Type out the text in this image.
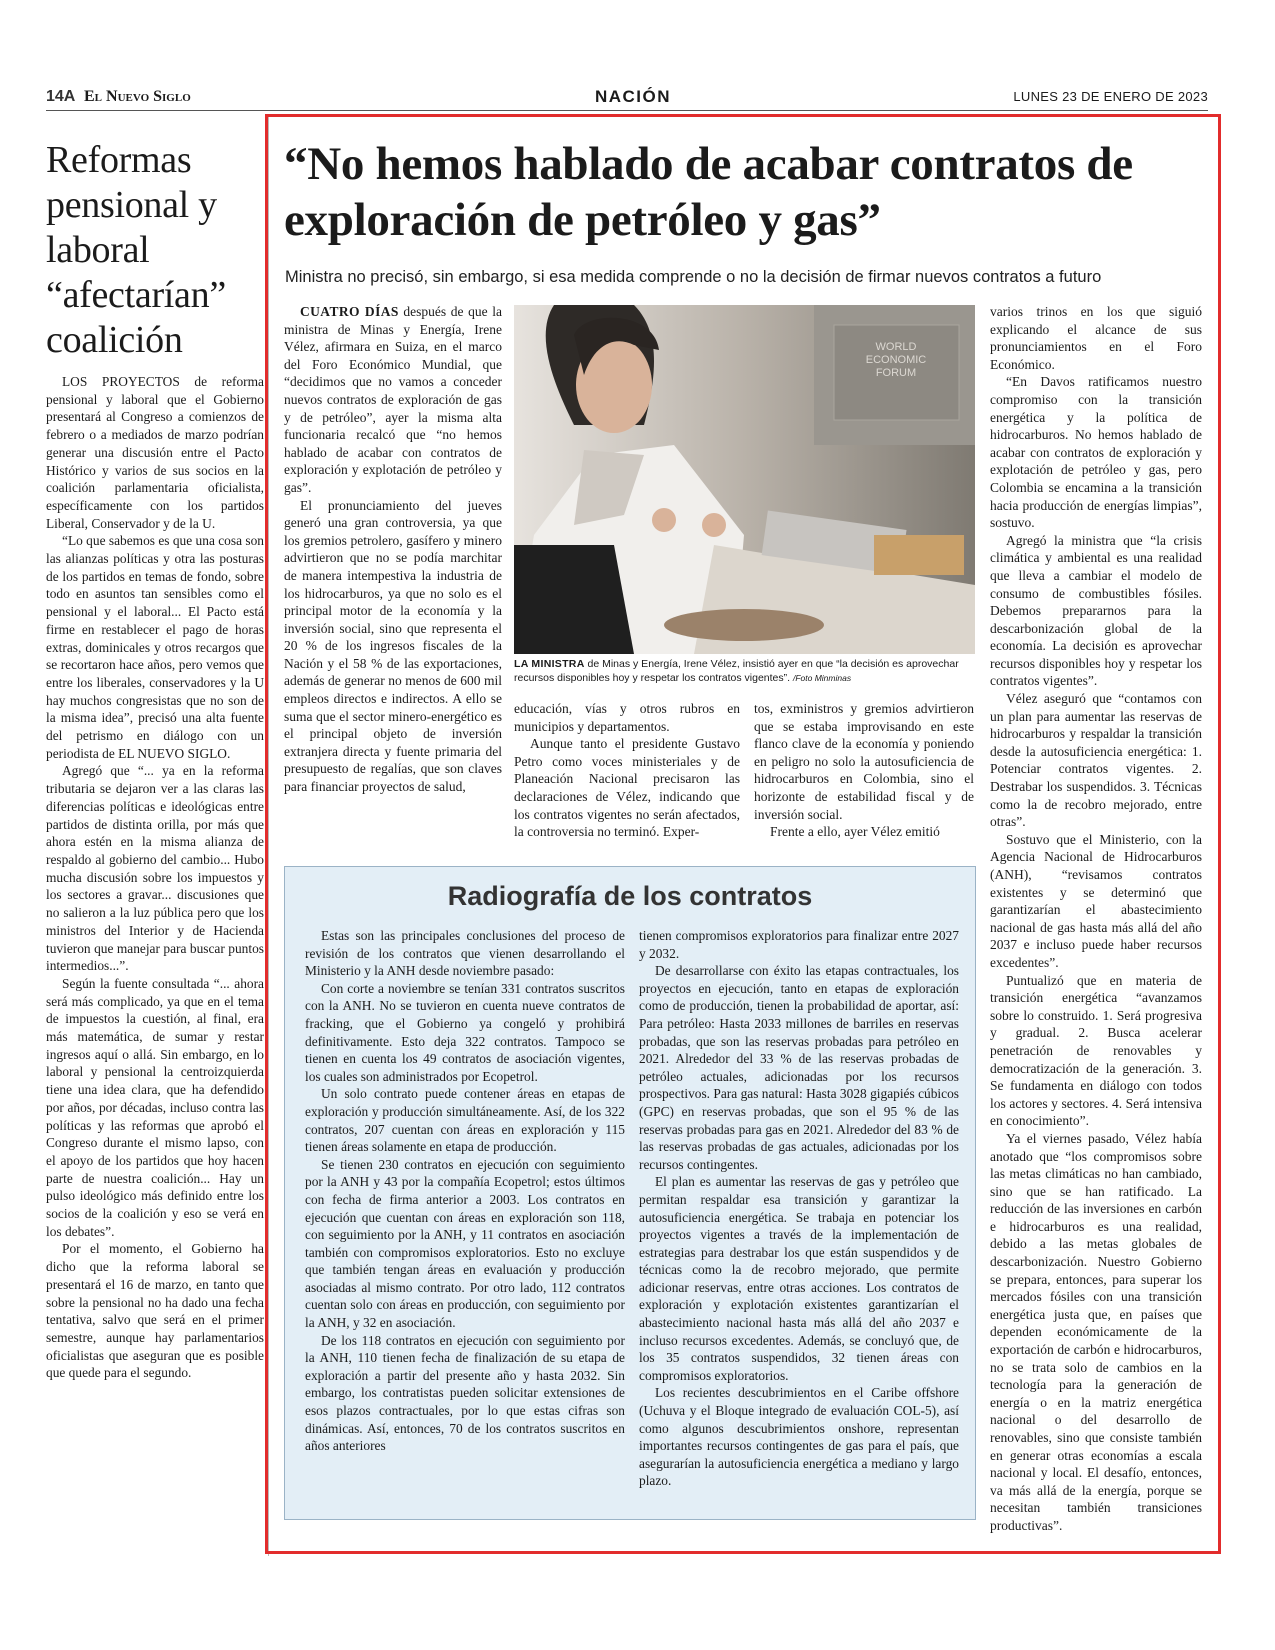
14A El Nuevo Siglo	NACIÓN	LUNES 23 DE ENERO DE 2023
Reformas pensional y laboral “afectarían” coalición

LOS PROYECTOS de reforma pensional y laboral que el Gobierno presentará al Congreso a comienzos de febrero o a mediados de marzo podrían generar una discusión entre el Pacto Histórico y varios de sus socios en la coalición parlamentaria oficialista, específicamente con los partidos Liberal, Conservador y de la U.

“Lo que sabemos es que una cosa son las alianzas políticas y otra las posturas de los partidos en temas de fondo, sobre todo en asuntos tan sensibles como el pensional y el laboral... El Pacto está firme en restablecer el pago de horas extras, dominicales y otros recargos que se recortaron hace años, pero vemos que entre los liberales, conservadores y la U hay muchos congresistas que no son de la misma idea”, precisó una alta fuente del petrismo en diálogo con un periodista de EL NUEVO SIGLO.

Agregó que “... ya en la reforma tributaria se dejaron ver a las claras las diferencias políticas e ideológicas entre partidos de distinta orilla, por más que ahora estén en la misma alianza de respaldo al gobierno del cambio... Hubo mucha discusión sobre los impuestos y los sectores a gravar... discusiones que no salieron a la luz pública pero que los ministros del Interior y de Hacienda tuvieron que manejar para buscar puntos intermedios...”.

Según la fuente consultada “... ahora será más complicado, ya que en el tema de impuestos la cuestión, al final, era más matemática, de sumar y restar ingresos aquí o allá. Sin embargo, en lo laboral y pensional la centroizquierda tiene una idea clara, que ha defendido por años, por décadas, incluso contra las políticas y las reformas que aprobó el Congreso durante el mismo lapso, con el apoyo de los partidos que hoy hacen parte de nuestra coalición... Hay un pulso ideológico más definido entre los socios de la coalición y eso se verá en los debates”.

Por el momento, el Gobierno ha dicho que la reforma laboral se presentará el 16 de marzo, en tanto que sobre la pensional no ha dado una fecha tentativa, salvo que será en el primer semestre, aunque hay parlamentarios oficialistas que aseguran que es posible que quede para el segundo.

“No hemos hablado de acabar contratos de exploración de petróleo y gas”

Ministra no precisó, sin embargo, si esa medida comprende o no la decisión de firmar nuevos contratos a futuro

CUATRO DÍAS después de que la ministra de Minas y Energía, Irene Vélez, afirmara en Suiza, en el marco del Foro Económico Mundial, que “decidimos que no vamos a conceder nuevos contratos de exploración de gas y de petróleo”, ayer la misma alta funcionaria recalcó que “no hemos hablado de acabar con contratos de exploración y explotación de petróleo y gas”.

El pronunciamiento del jueves generó una gran controversia, ya que los gremios petrolero, gasífero y minero advirtieron que no se podía marchitar de manera intempestiva la industria de los hidrocarburos, ya que no solo es el principal motor de la economía y la inversión social, sino que representa el 20 % de los ingresos fiscales de la Nación y el 58 % de las exportaciones, además de generar no menos de 600 mil empleos directos e indirectos. A ello se suma que el sector minero-energético es el principal objeto de inversión extranjera directa y fuente primaria del presupuesto de regalías, que son claves para financiar proyectos de salud,

WORLD
ECONOMIC
FORUM

LA MINISTRA de Minas y Energía, Irene Vélez, insistió ayer en que “la decisión es aprovechar recursos disponibles hoy y respetar los contratos vigentes”. /Foto Minminas

educación, vías y otros rubros en municipios y departamentos.

Aunque tanto el presidente Gustavo Petro como voces ministeriales y de Planeación Nacional precisaron las declaraciones de Vélez, indicando que los contratos vigentes no serán afectados, la controversia no terminó. Exper-

tos, exministros y gremios advirtieron que se estaba improvisando en este flanco clave de la economía y poniendo en peligro no solo la autosuficiencia de hidrocarburos en Colombia, sino el horizonte de estabilidad fiscal y de inversión social.

Frente a ello, ayer Vélez emitió

varios trinos en los que siguió explicando el alcance de sus pronunciamientos en el Foro Económico.

“En Davos ratificamos nuestro compromiso con la transición energética y la política de hidrocarburos. No hemos hablado de acabar con contratos de exploración y explotación de petróleo y gas, pero Colombia se encamina a la transición hacia producción de energías limpias”, sostuvo.

Agregó la ministra que “la crisis climática y ambiental es una realidad que lleva a cambiar el modelo de consumo de combustibles fósiles. Debemos prepararnos para la descarbonización global de la economía. La decisión es aprovechar recursos disponibles hoy y respetar los contratos vigentes”.

Vélez aseguró que “contamos con un plan para aumentar las reservas de hidrocarburos y respaldar la transición desde la autosuficiencia energética: 1. Potenciar contratos vigentes. 2. Destrabar los suspendidos. 3. Técnicas como la de recobro mejorado, entre otras”.

Sostuvo que el Ministerio, con la Agencia Nacional de Hidrocarburos (ANH), “revisamos contratos existentes y se determinó que garantizarían el abastecimiento nacional de gas hasta más allá del año 2037 e incluso puede haber recursos excedentes”.

Puntualizó que en materia de transición energética “avanzamos sobre lo construido. 1. Será progresiva y gradual. 2. Busca acelerar penetración de renovables y democratización de la generación. 3. Se fundamenta en diálogo con todos los actores y sectores. 4. Será intensiva en conocimiento”.

Ya el viernes pasado, Vélez había anotado que “los compromisos sobre las metas climáticas no han cambiado, sino que se han ratificado. La reducción de las inversiones en carbón e hidrocarburos es una realidad, debido a las metas globales de descarbonización. Nuestro Gobierno se prepara, entonces, para superar los mercados fósiles con una transición energética justa que, en países que dependen económicamente de la exportación de carbón e hidrocarburos, no se trata solo de cambios en la tecnología para la generación de energía o en la matriz energética nacional o del desarrollo de renovables, sino que consiste también en generar otras economías a escala nacional y local. El desafío, entonces, va más allá de la energía, porque se necesitan también transiciones productivas”.

Radiografía de los contratos

Estas son las principales conclusiones del proceso de revisión de los contratos que vienen desarrollando el Ministerio y la ANH desde noviembre pasado:

Con corte a noviembre se tenían 331 contratos suscritos con la ANH. No se tuvieron en cuenta nueve contratos de fracking, que el Gobierno ya congeló y prohibirá definitivamente. Esto deja 322 contratos. Tampoco se tienen en cuenta los 49 contratos de asociación vigentes, los cuales son administrados por Ecopetrol.

Un solo contrato puede contener áreas en etapas de exploración y producción simultáneamente. Así, de los 322 contratos, 207 cuentan con áreas en exploración y 115 tienen áreas solamente en etapa de producción.

Se tienen 230 contratos en ejecución con seguimiento por la ANH y 43 por la compañía Ecopetrol; estos últimos con fecha de firma anterior a 2003. Los contratos en ejecución que cuentan con áreas en exploración son 118, con seguimiento por la ANH, y 11 contratos en asociación también con compromisos exploratorios. Esto no excluye que también tengan áreas en evaluación y producción asociadas al mismo contrato. Por otro lado, 112 contratos cuentan solo con áreas en producción, con seguimiento por la ANH, y 32 en asociación.

De los 118 contratos en ejecución con seguimiento por la ANH, 110 tienen fecha de finalización de su etapa de exploración a partir del presente año y hasta 2032. Sin embargo, los contratistas pueden solicitar extensiones de esos plazos contractuales, por lo que estas cifras son dinámicas. Así, entonces, 70 de los contratos suscritos en años anteriores

tienen compromisos exploratorios para finalizar entre 2027 y 2032.

De desarrollarse con éxito las etapas contractuales, los proyectos en ejecución, tanto en etapas de exploración como de producción, tienen la probabilidad de aportar, así: Para petróleo: Hasta 2033 millones de barriles en reservas probadas, que son las reservas probadas para petróleo en 2021. Alrededor del 33 % de las reservas probadas de petróleo actuales, adicionadas por los recursos prospectivos. Para gas natural: Hasta 3028 gigapiés cúbicos (GPC) en reservas probadas, que son el 95 % de las reservas probadas para gas en 2021. Alrededor del 83 % de las reservas probadas de gas actuales, adicionadas por los recursos contingentes.

El plan es aumentar las reservas de gas y petróleo que permitan respaldar esa transición y garantizar la autosuficiencia energética. Se trabaja en potenciar los proyectos vigentes a través de la implementación de estrategias para destrabar los que están suspendidos y de técnicas como la de recobro mejorado, que permite adicionar reservas, entre otras acciones. Los contratos de exploración y explotación existentes garantizarían el abastecimiento nacional hasta más allá del año 2037 e incluso recursos excedentes. Además, se concluyó que, de los 35 contratos suspendidos, 32 tienen áreas con compromisos exploratorios.

Los recientes descubrimientos en el Caribe offshore (Uchuva y el Bloque integrado de evaluación COL-5), así como algunos descubrimientos onshore, representan importantes recursos contingentes de gas para el país, que asegurarían la autosuficiencia energética a mediano y largo plazo.
